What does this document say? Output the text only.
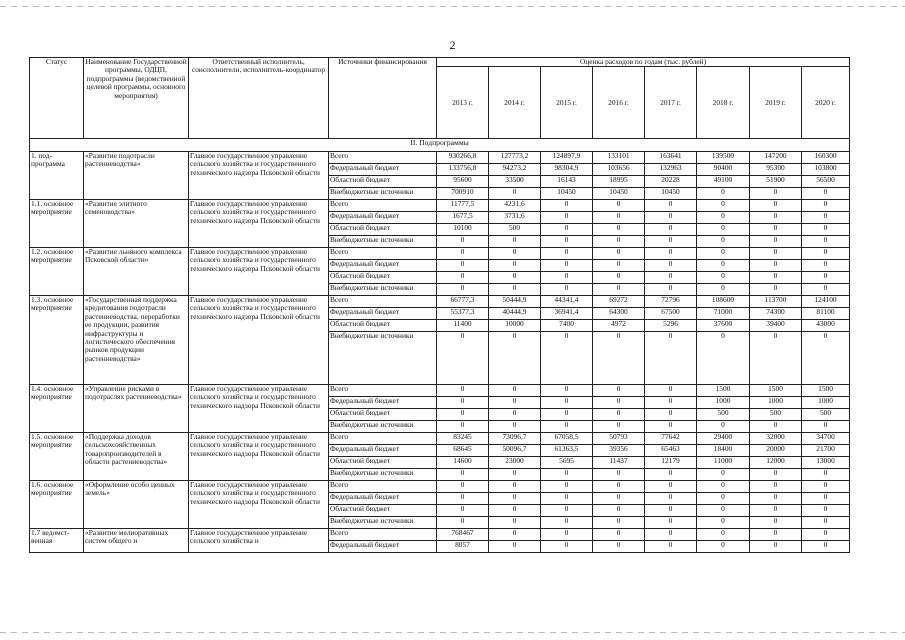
2
Статус	Наименование Государственной программы, ОДЦП, подпрограммы (ведомственной целевой программы, основного мероприятия)	Ответственный исполнитель, соисполнители, исполнитель-координатор	Источники финансирования	Оценка расходов по годам (тыс. рублей)							
				2013 г.	2014 г.	2015 г.	2016 г.	2017 г.	2018 г.	2019 г.	2020 г.
II. Подпрограммы											
1. под-программа	«Развитие подотрасли растениеводства»	Главное государственное управление сельского хозяйства и государственного технического надзора Псковской области	Всего	930266,8	127773,2	124897,9	133101	163641	139500	147200	160300
			Федеральный бюджет	133756,8	94273,2	98304,9	103656	132963	90400	95300	103800
			Областной бюджет	95600	33500	16143	18995	20228	49100	51900	56500
			Внебюджетные источники	700910	0	10450	10450	10450	0	0	0
1.1. основное мероприятие	«Развитие элитного семеноводства»	Главное государственное управление сельского хозяйства и государственного технического надзора Псковской области	Всего	11777,5	4231,6	0	0	0	0	0	0
			Федеральный бюджет	1677,5	3731,6	0	0	0	0	0	0
			Областной бюджет	10100	500	0	0	0	0	0	0
			Внебюджетные источники	0	0	0	0	0	0	0	0
1.2. основное мероприятие	«Развитие льняного комплекса Псковской области»	Главное государственное управление сельского хозяйства и государственного технического надзора Псковской области	Всего	0	0	0	0	0	0	0	0
			Федеральный бюджет	0	0	0	0	0	0	0	0
			Областной бюджет	0	0	0	0	0	0	0	0
			Внебюджетные источники	0	0	0	0	0	0	0	0
1.3. основное мероприятие	«Государственная поддержка кредитования подотрасли растениеводства, переработки ее продукции, развития инфраструктуры и логистического обеспечения рынков продукции растениеводства»	Главное государственное управление сельского хозяйства и государственного технического надзора Псковской области	Всего	66777,3	50444,9	44341,4	69272	72796	108600	113700	124100
			Федеральный бюджет	55377,3	40444,9	36941,4	64300	67500	71000	74300	81100
			Областной бюджет	11400	10000	7400	4972	5296	37600	39400	43000
			Внебюджетные источники	0	0	0	0	0	0	0	0
1.4. основное мероприятие	«Управление рисками в подотраслях растениеводства»	Главное государственное управление сельского хозяйства и государственного технического надзора Псковской области	Всего	0	0	0	0	0	1500	1500	1500
			Федеральный бюджет	0	0	0	0	0	1000	1000	1000
			Областной бюджет	0	0	0	0	0	500	500	500
			Внебюджетные источники	0	0	0	0	0	0	0	0
1.5. основное мероприятие	«Поддержка доходов сельскохозяйственных товаропроизводителей в области растениеводства»	Главное государственное управление сельского хозяйства и государственного технического надзора Псковской области	Всего	83245	73096,7	67058,5	50793	77642	29400	32000	34700
			Федеральный бюджет	68645	50096,7	61363,5	39356	65463	18400	20000	21700
			Областной бюджет	14600	23000	5695	11437	12179	11000	12000	13000
			Внебюджетные источники	0	0	0	0	0	0	0	0
1.6. основное мероприятие	«Оформление особо ценных земель»	Главное государственное управление сельского хозяйства и государственного технического надзора Псковской области	Всего	0	0	0	0	0	0	0	0
			Федеральный бюджет	0	0	0	0	0	0	0	0
			Областной бюджет	0	0	0	0	0	0	0	0
			Внебюджетные источники	0	0	0	0	0	0	0	0
1.7 ведомст-венная	«Развитие мелиоративных систем общего и	Главное государственное управление сельского хозяйства и	Всего	768467	0	0	0	0	0	0	0
			Федеральный бюджет	8057	0	0	0	0	0	0	0
